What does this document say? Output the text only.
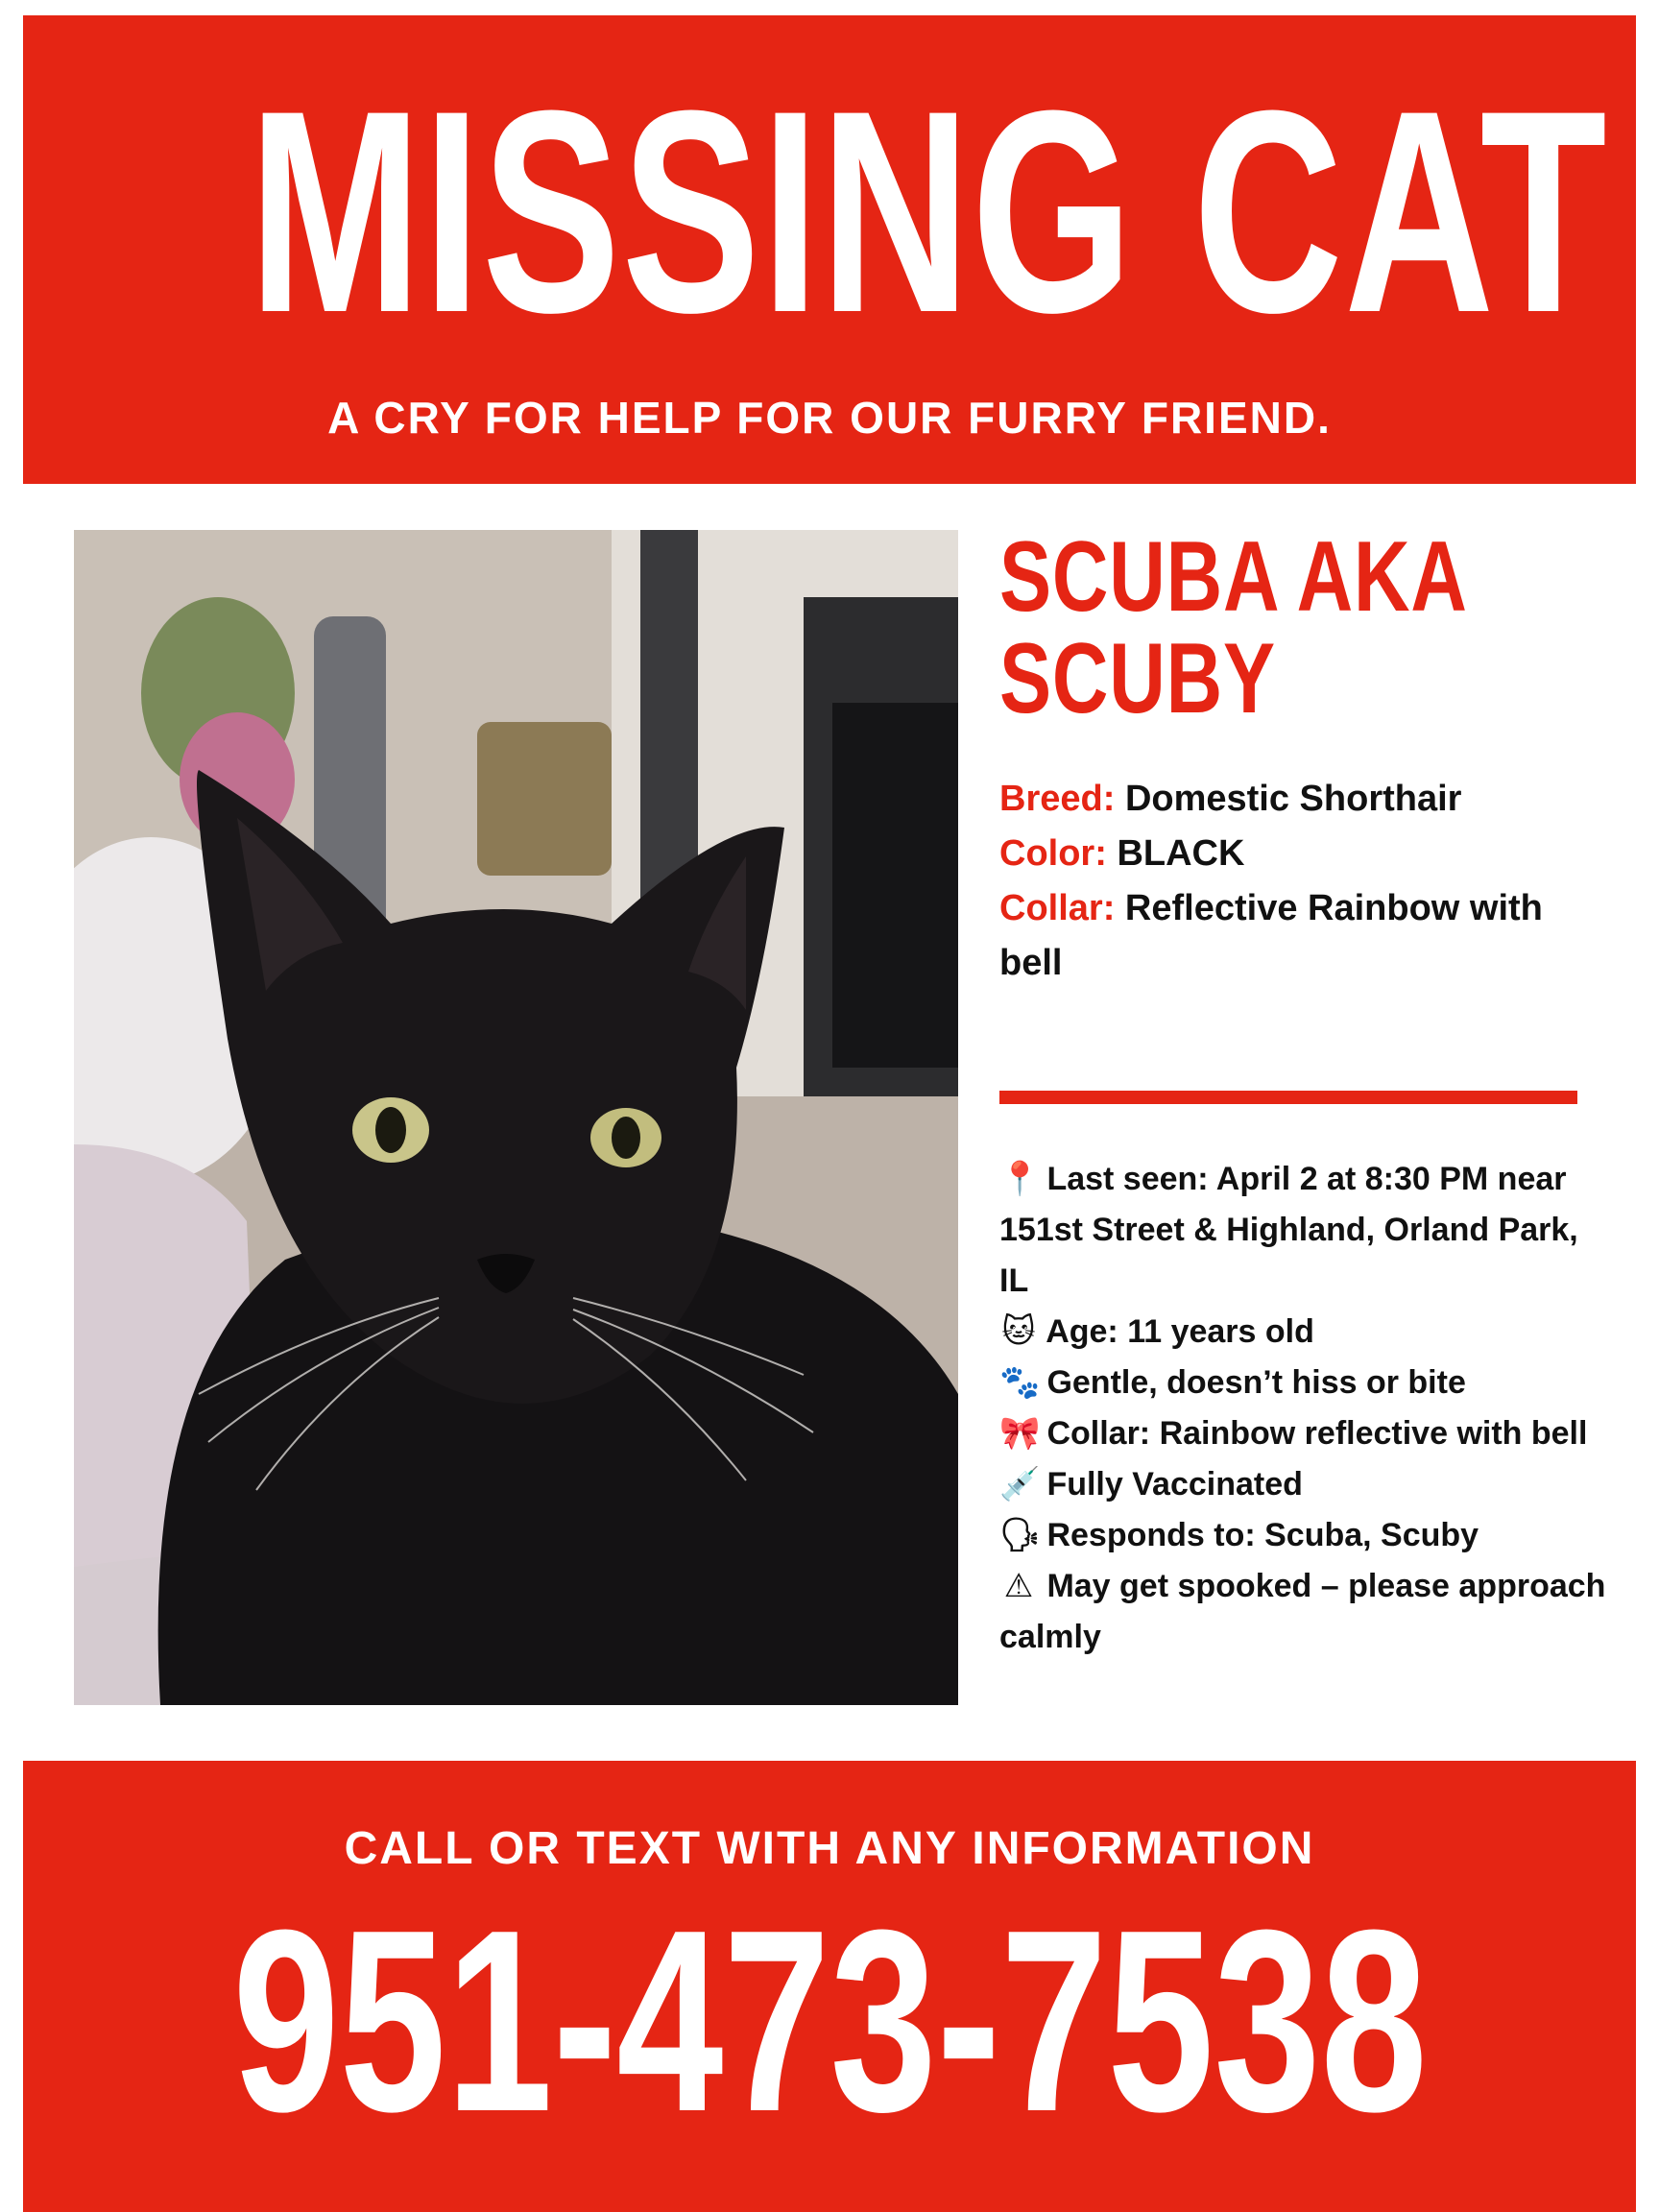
MISSING CAT
A CRY FOR HELP FOR OUR FURRY FRIEND.
SCUBA AKA
SCUBY
Breed: Domestic Shorthair
Color: BLACK
Collar: Reflective Rainbow with bell
📍 Last seen: April 2 at 8:30 PM near 151st Street & Highland, Orland Park, IL
🐱 Age: 11 years old
🐾 Gentle, doesn’t hiss or bite
🎀 Collar: Rainbow reflective with bell
💉 Fully Vaccinated
🗣 Responds to: Scuba, Scuby
⚠ May get spooked – please approach calmly
CALL OR TEXT WITH ANY INFORMATION
951-473-7538
